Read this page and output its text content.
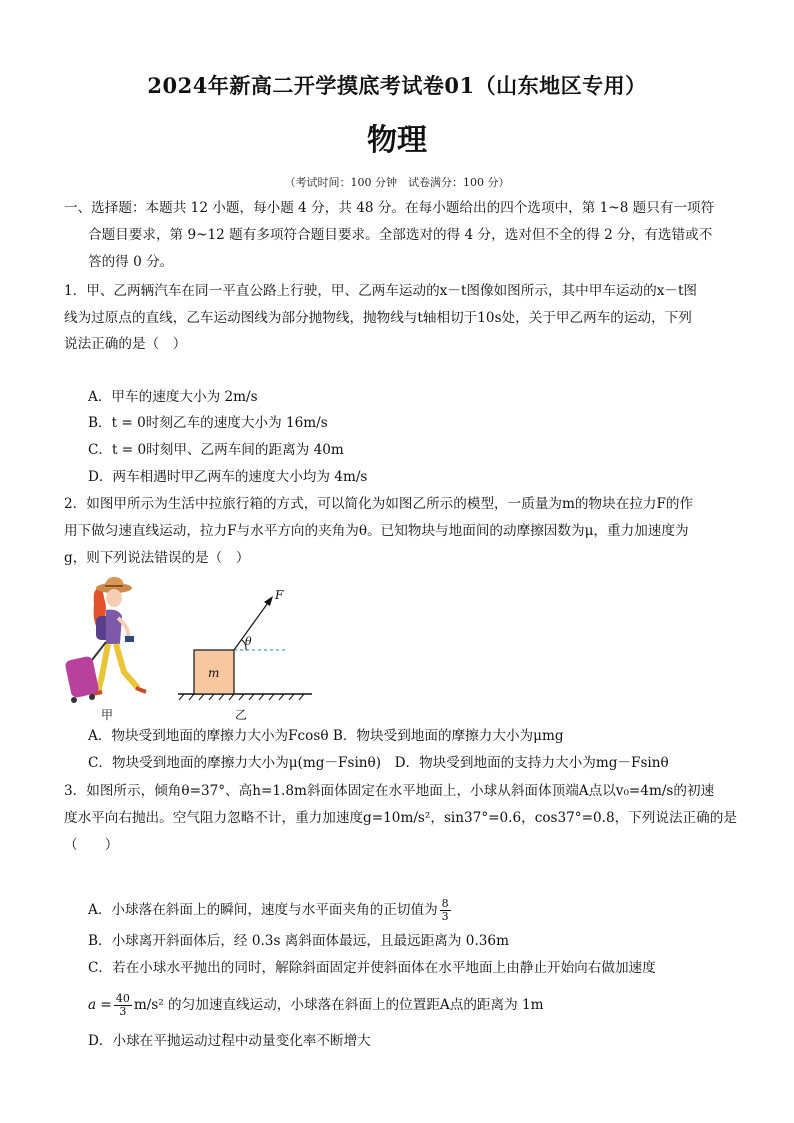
2024年新高二开学摸底考试卷01（山东地区专用）
物理
（考试时间：100 分钟　试卷满分：100 分）
一、选择题：本题共 12 小题，每小题 4 分，共 48 分。在每小题给出的四个选项中，第 1~8 题只有一项符
合题目要求，第 9~12 题有多项符合题目要求。全部选对的得 4 分，选对但不全的得 2 分，有选错或不
答的得 0 分。
1．甲、乙两辆汽车在同一平直公路上行驶，甲、乙两车运动的x－t图像如图所示，其中甲车运动的x－t图
线为过原点的直线，乙车运动图线为部分抛物线，抛物线与t轴相切于10s处，关于甲乙两车的运动，下列
说法正确的是（　）
A．甲车的速度大小为 2m/s
B．t = 0时刻乙车的速度大小为 16m/s
C．t = 0时刻甲、乙两车间的距离为 40m
D．两车相遇时甲乙两车的速度大小均为 4m/s
2．如图甲所示为生活中拉旅行箱的方式，可以简化为如图乙所示的模型，一质量为m的物块在拉力F的作
用下做匀速直线运动，拉力F与水平方向的夹角为θ。已知物块与地面间的动摩擦因数为μ，重力加速度为
g，则下列说法错误的是（　）
甲
F
θ
m
乙
A．物块受到地面的摩擦力大小为Fcosθ B．物块受到地面的摩擦力大小为μmg
C．物块受到地面的摩擦力大小为μ(mg－Fsinθ)　D．物块受到地面的支持力大小为mg－Fsinθ
3．如图所示，倾角θ=37°、高h=1.8m斜面体固定在水平地面上，小球从斜面体顶端A点以v₀=4m/s的初速
度水平向右抛出。空气阻力忽略不计，重力加速度g=10m/s²，sin37°=0.6，cos37°=0.8，下列说法正确的是
（　　）
A．小球落在斜面上的瞬间，速度与水平面夹角的正切值为 $\frac{8}{3}$
B．小球离开斜面体后，经 0.3s 离斜面体最远，且最远距离为 0.36m
C．若在小球水平抛出的同时，解除斜面固定并使斜面体在水平地面上由静止开始向右做加速度
$a = \frac{40}{3} m/s^2$ 的匀加速直线运动，小球落在斜面上的位置距A点的距离为 1m
D．小球在平抛运动过程中动量变化率不断增大
